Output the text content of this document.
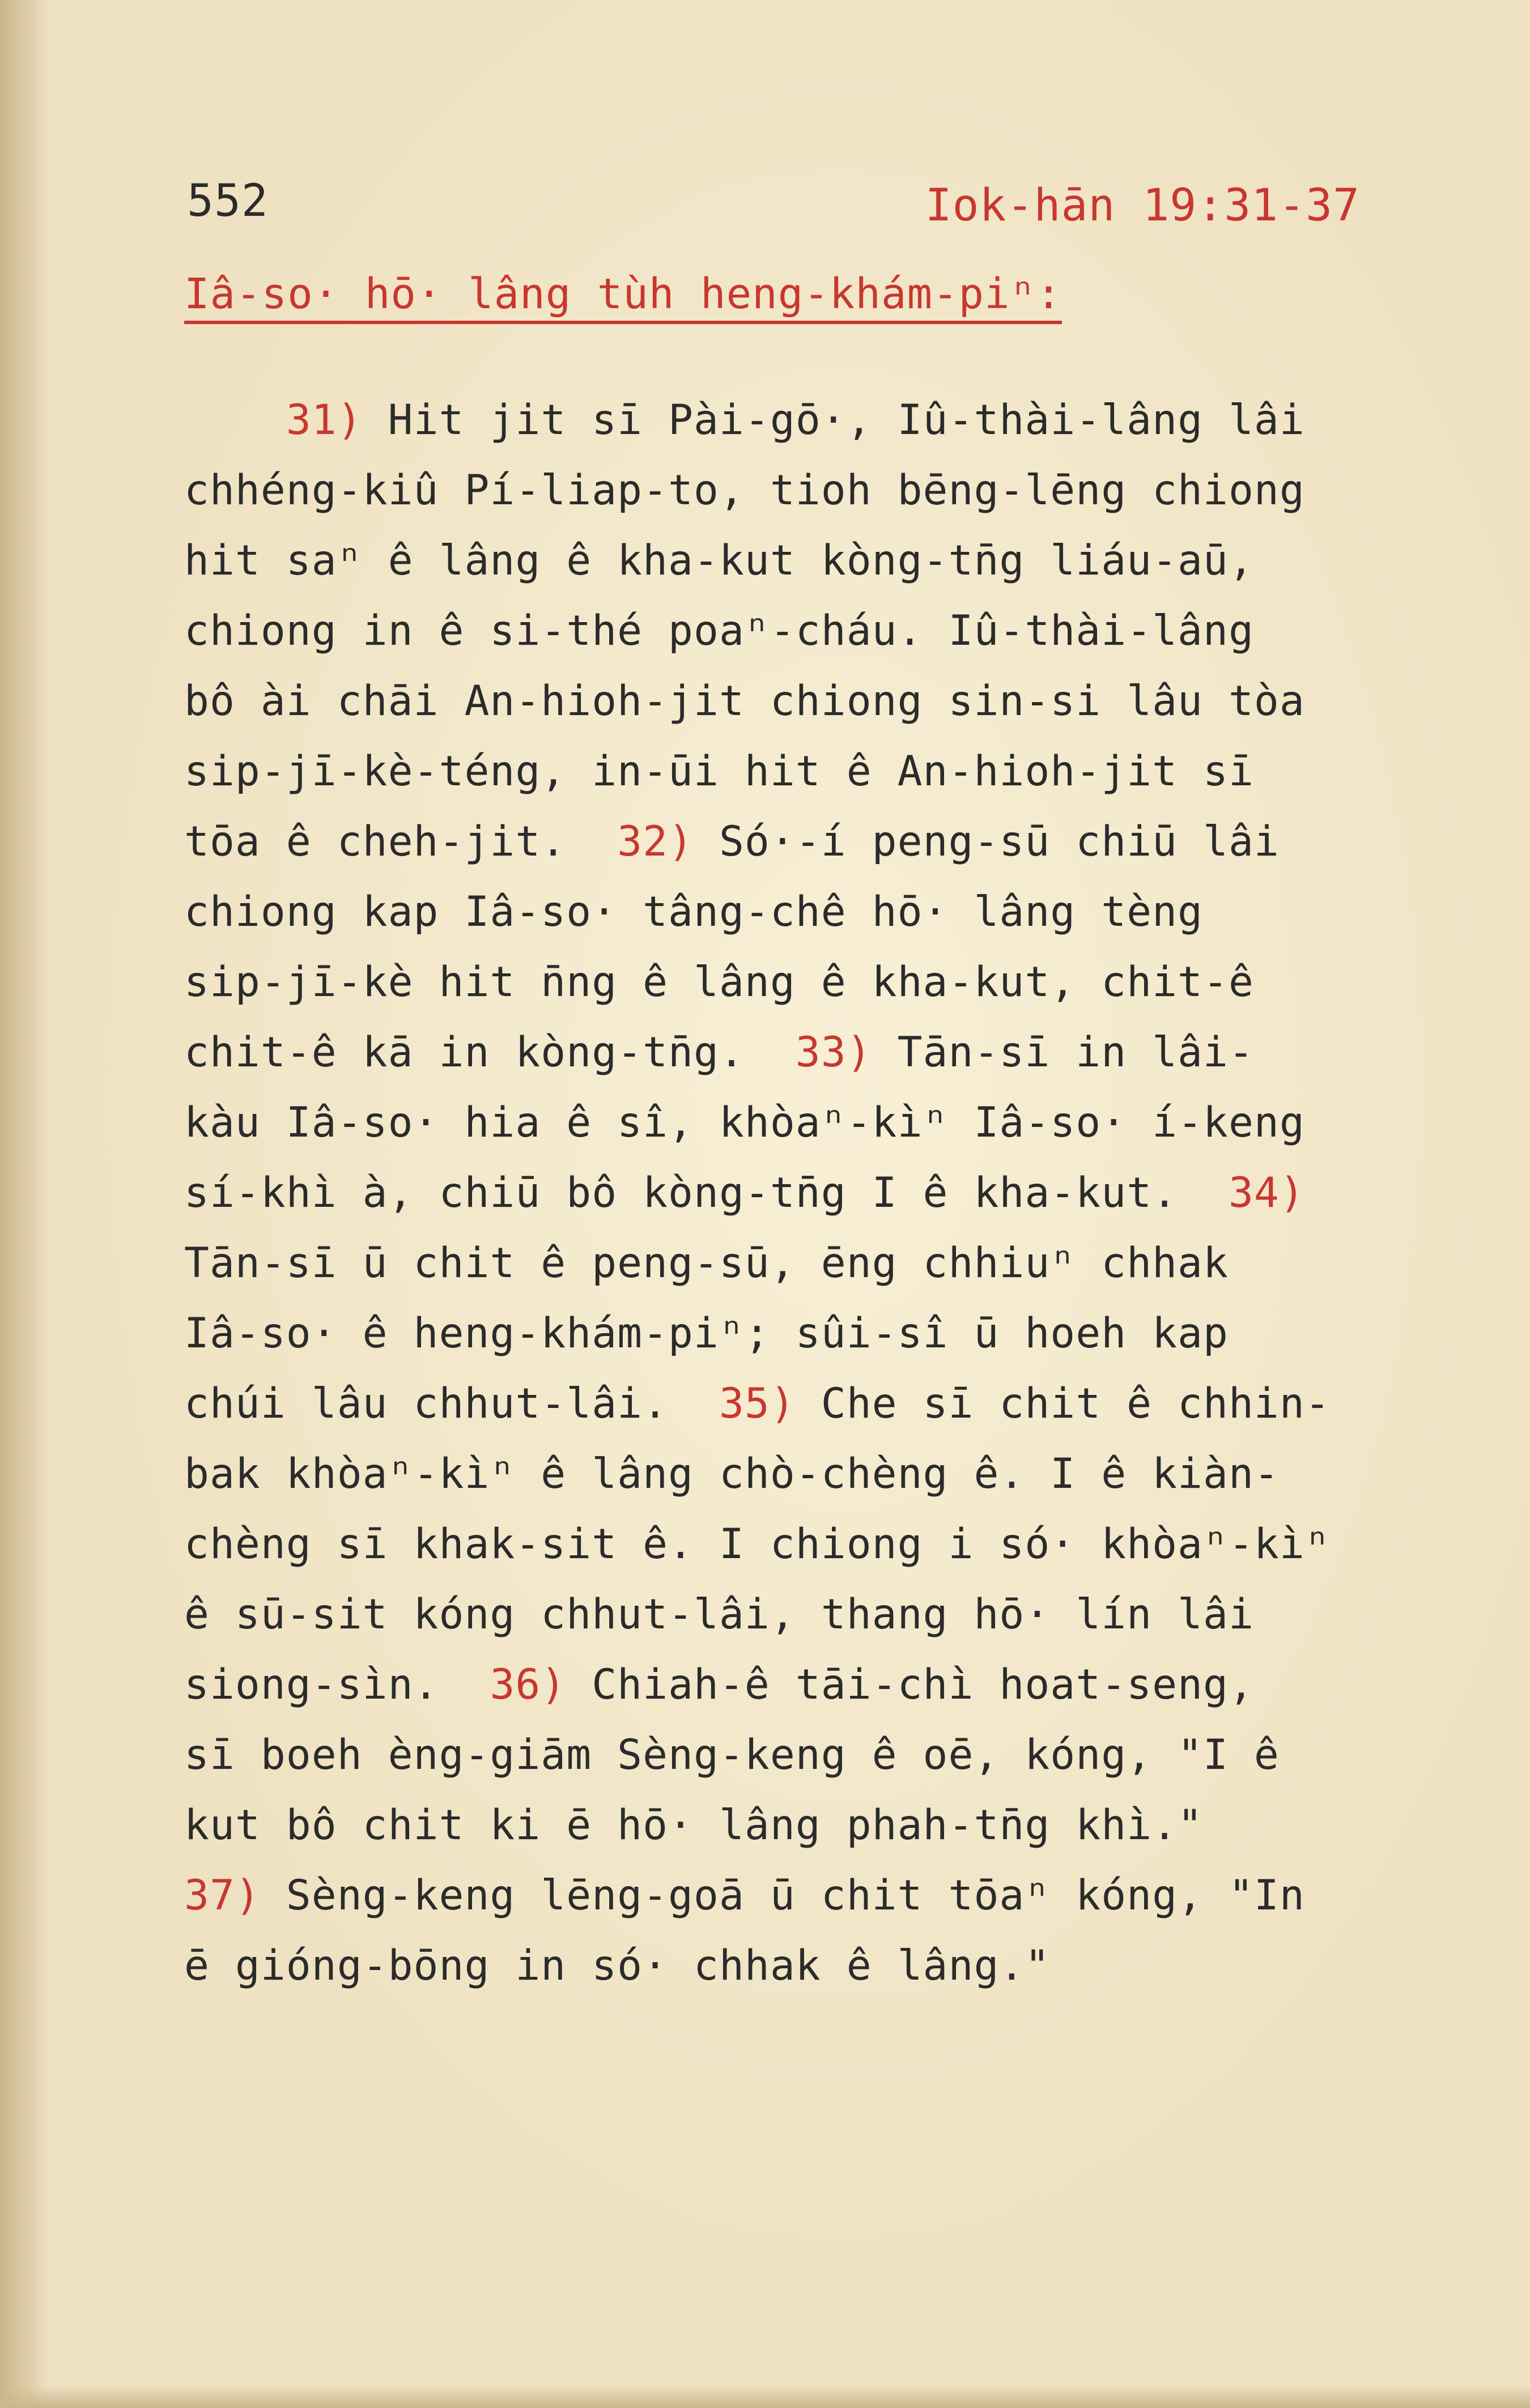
552	Iok-hān 19:31-37
Iâ-so· hō· lâng tùh heng-khám-piⁿ:
31) Hit jit sī Pài-gō·, Iû-thài-lâng lâi
chhéng-kiû Pí-liap-to, tioh bēng-lēng chiong
hit saⁿ ê lâng ê kha-kut kòng-tn̄g liáu-aū,
chiong in ê si-thé poaⁿ-cháu. Iû-thài-lâng
bô ài chāi An-hioh-jit chiong sin-si lâu tòa
sip-jī-kè-téng, in-ūi hit ê An-hioh-jit sī
tōa ê cheh-jit.  32) Só·-í peng-sū chiū lâi
chiong kap Iâ-so· tâng-chê hō· lâng tèng
sip-jī-kè hit n̄ng ê lâng ê kha-kut, chit-ê
chit-ê kā in kòng-tn̄g.  33) Tān-sī in lâi-
kàu Iâ-so· hia ê sî, khòaⁿ-kìⁿ Iâ-so· í-keng
sí-khì à, chiū bô kòng-tn̄g I ê kha-kut.  34)
Tān-sī ū chit ê peng-sū, ēng chhiuⁿ chhak
Iâ-so· ê heng-khám-piⁿ; sûi-sî ū hoeh kap
chúi lâu chhut-lâi.  35) Che sī chit ê chhin-
bak khòaⁿ-kìⁿ ê lâng chò-chèng ê. I ê kiàn-
chèng sī khak-sit ê. I chiong i só· khòaⁿ-kìⁿ
ê sū-sit kóng chhut-lâi, thang hō· lín lâi
siong-sìn.  36) Chiah-ê tāi-chì hoat-seng,
sī boeh èng-giām Sèng-keng ê oē, kóng, "I ê
kut bô chit ki ē hō· lâng phah-tn̄g khì."
37) Sèng-keng lēng-goā ū chit tōaⁿ kóng, "In
ē gióng-bōng in só· chhak ê lâng."
